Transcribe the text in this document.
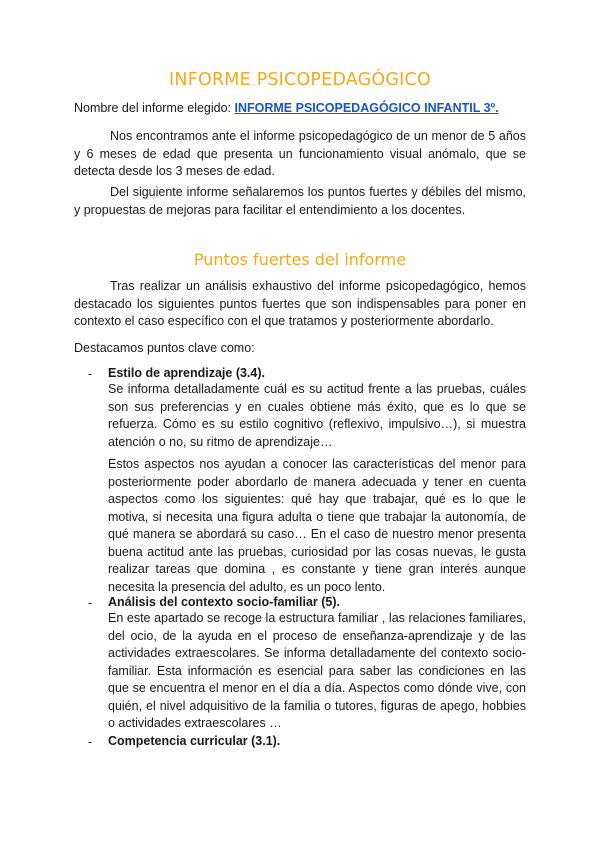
INFORME PSICOPEDAGÓGICO
Nombre del informe elegido: INFORME PSICOPEDAGÓGICO INFANTIL 3º.

Nos encontramos ante el informe psicopedagógico de un menor de 5 años y 6 meses de edad que presenta un funcionamiento visual anómalo, que se detecta desde los 3 meses de edad.

Del siguiente informe señalaremos los puntos fuertes y débiles del mismo, y propuestas de mejoras para facilitar el entendimiento a los docentes.

Puntos fuertes del informe

Tras realizar un análisis exhaustivo del informe psicopedagógico, hemos destacado los siguientes puntos fuertes que son indispensables para poner en contexto el caso específico con el que tratamos y posteriormente abordarlo.

Destacamos puntos clave como:

- Estilo de aprendizaje (3.4).

Se informa detalladamente cuál es su actitud frente a las pruebas, cuáles son sus preferencias y en cuales obtiene más éxito, que es lo que se refuerza. Cómo es su estilo cognitivo (reflexivo, impulsivo…), si muestra atención o no, su ritmo de aprendizaje…

Estos aspectos nos ayudan a conocer las características del menor para posteriormente poder abordarlo de manera adecuada y tener en cuenta aspectos como los siguientes: qué hay que trabajar, qué es lo que le motiva, si necesita una figura adulta o tiene que trabajar la autonomía, de qué manera se abordará su caso… En el caso de nuestro menor presenta buena actitud ante las pruebas, curiosidad por las cosas nuevas, le gusta realizar tareas que domina , es constante y tiene gran interés aunque necesita la presencia del adulto, es un poco lento.

- Análisis del contexto socio-familiar (5).

En este apartado se recoge la estructura familiar , las relaciones familiares, del ocio, de la ayuda en el proceso de enseñanza-aprendizaje y de las actividades extraescolares. Se informa detalladamente del contexto socio-familiar. Esta información es esencial para saber las condiciones en las que se encuentra el menor en el día a día. Aspectos como dónde vive, con quién, el nivel adquisitivo de la familia o tutores, figuras de apego, hobbies o actividades extraescolares …

- Competencia curricular (3.1).
